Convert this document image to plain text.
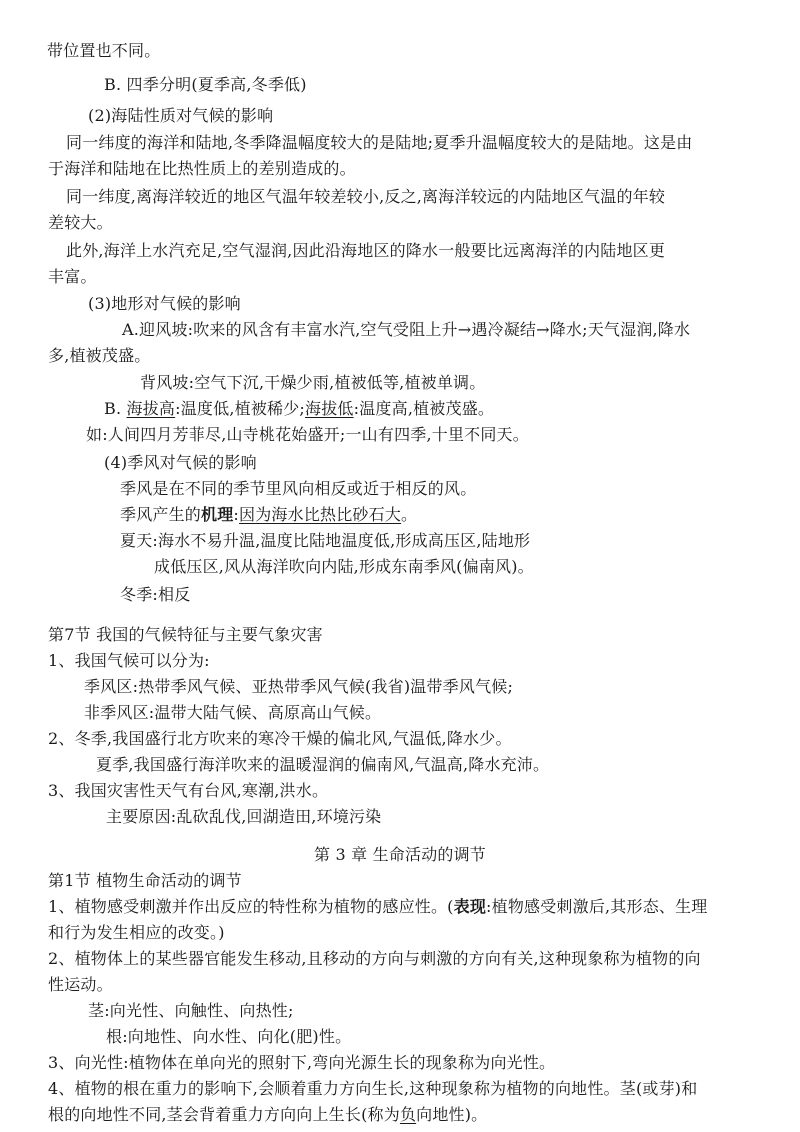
带位置也不同。
B. 四季分明(夏季高,冬季低)
(2)海陆性质对气候的影响
同一纬度的海洋和陆地,冬季降温幅度较大的是陆地;夏季升温幅度较大的是陆地。这是由
于海洋和陆地在比热性质上的差别造成的。
同一纬度,离海洋较近的地区气温年较差较小,反之,离海洋较远的内陆地区气温的年较
差较大。
此外,海洋上水汽充足,空气湿润,因此沿海地区的降水一般要比远离海洋的内陆地区更
丰富。
(3)地形对气候的影响
A.迎风坡:吹来的风含有丰富水汽,空气受阻上升→遇冷凝结→降水;天气湿润,降水
多,植被茂盛。
背风坡:空气下沉,干燥少雨,植被低等,植被单调。
B. 海拔高:温度低,植被稀少;海拔低:温度高,植被茂盛。
如:人间四月芳菲尽,山寺桃花始盛开;一山有四季,十里不同天。
(4)季风对气候的影响
季风是在不同的季节里风向相反或近于相反的风。
季风产生的机理:因为海水比热比砂石大。
夏天:海水不易升温,温度比陆地温度低,形成高压区,陆地形
成低压区,风从海洋吹向内陆,形成东南季风(偏南风)。
冬季:相反
第7节 我国的气候特征与主要气象灾害
1、我国气候可以分为:
季风区:热带季风气候、亚热带季风气候(我省)温带季风气候;
非季风区:温带大陆气候、高原高山气候。
2、冬季,我国盛行北方吹来的寒冷干燥的偏北风,气温低,降水少。
夏季,我国盛行海洋吹来的温暖湿润的偏南风,气温高,降水充沛。
3、我国灾害性天气有台风,寒潮,洪水。
主要原因:乱砍乱伐,回湖造田,环境污染
第 3 章 生命活动的调节
第1节 植物生命活动的调节
1、植物感受刺激并作出反应的特性称为植物的感应性。(表现:植物感受刺激后,其形态、生理
和行为发生相应的改变。)
2、植物体上的某些器官能发生移动,且移动的方向与刺激的方向有关,这种现象称为植物的向
性运动。
茎:向光性、向触性、向热性;
根:向地性、向水性、向化(肥)性。
3、向光性:植物体在单向光的照射下,弯向光源生长的现象称为向光性。
4、植物的根在重力的影响下,会顺着重力方向生长,这种现象称为植物的向地性。茎(或芽)和
根的向地性不同,茎会背着重力方向向上生长(称为负向地性)。
